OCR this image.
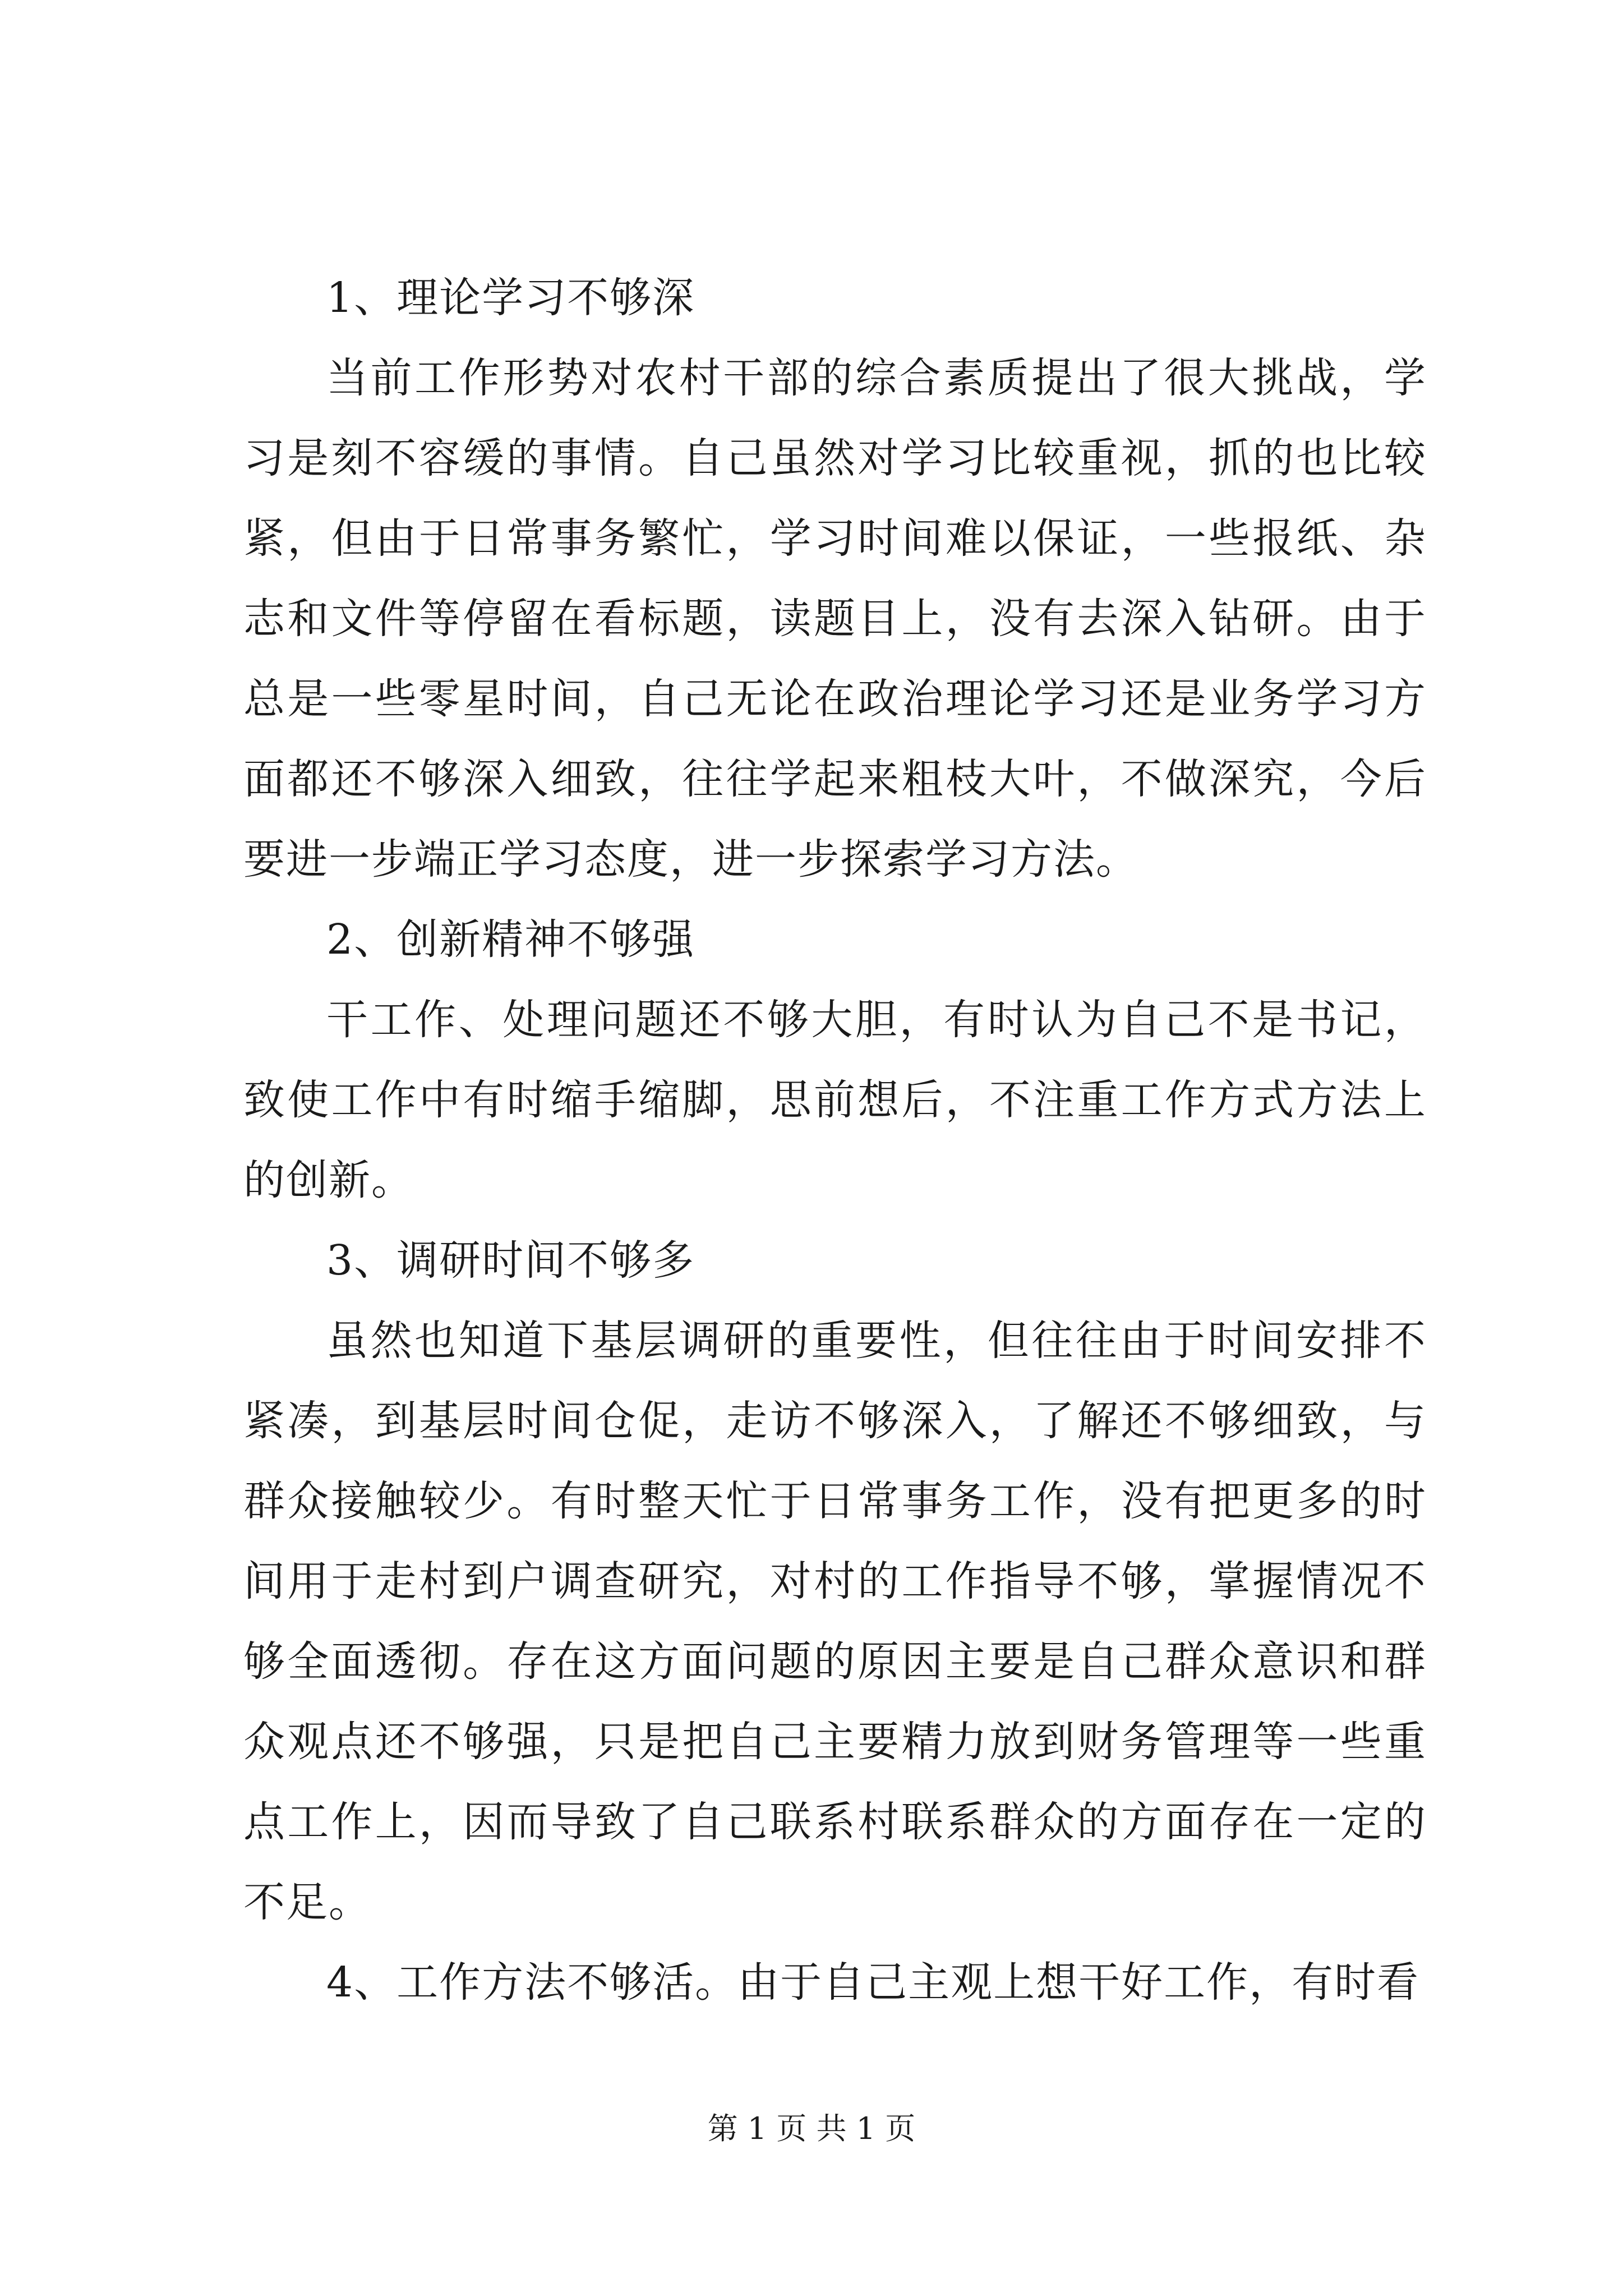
1、理论学习不够深

当前工作形势对农村干部的综合素质提出了很大挑战，学习是刻不容缓的事情。自己虽然对学习比较重视，抓的也比较紧，但由于日常事务繁忙，学习时间难以保证，一些报纸、杂志和文件等停留在看标题，读题目上，没有去深入钻研。由于总是一些零星时间，自己无论在政治理论学习还是业务学习方面都还不够深入细致，往往学起来粗枝大叶，不做深究，今后要进一步端正学习态度，进一步探索学习方法。

2、创新精神不够强

干工作、处理问题还不够大胆，有时认为自己不是书记，致使工作中有时缩手缩脚，思前想后，不注重工作方式方法上的创新。

3、调研时间不够多

虽然也知道下基层调研的重要性，但往往由于时间安排不紧凑，到基层时间仓促，走访不够深入，了解还不够细致，与群众接触较少。有时整天忙于日常事务工作，没有把更多的时间用于走村到户调查研究，对村的工作指导不够，掌握情况不够全面透彻。存在这方面问题的原因主要是自己群众意识和群众观点还不够强，只是把自己主要精力放到财务管理等一些重点工作上，因而导致了自己联系村联系群众的方面存在一定的不足。

4、工作方法不够活。由于自己主观上想干好工作，有时看

第 1 页 共 1 页
